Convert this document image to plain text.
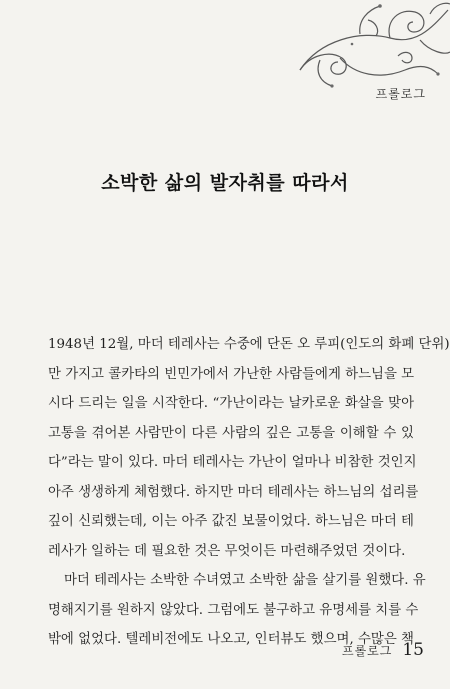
프롤로그
소박한 삶의 발자취를 따라서
1948년 12월, 마더 테레사는 수중에 단돈 오 루피(인도의 화폐 단위)
만 가지고 콜카타의 빈민가에서 가난한 사람들에게 하느님을 모
시다 드리는 일을 시작한다. “가난이라는 날카로운 화살을 맞아
고통을 겪어본 사람만이 다른 사람의 깊은 고통을 이해할 수 있
다”라는 말이 있다. 마더 테레사는 가난이 얼마나 비참한 것인지
아주 생생하게 체험했다. 하지만 마더 테레사는 하느님의 섭리를
깊이 신뢰했는데, 이는 아주 값진 보물이었다. 하느님은 마더 테
레사가 일하는 데 필요한 것은 무엇이든 마련해주었던 것이다.
마더 테레사는 소박한 수녀였고 소박한 삶을 살기를 원했다. 유
명해지기를 원하지 않았다. 그럼에도 불구하고 유명세를 치를 수
밖에 없었다. 텔레비전에도 나오고, 인터뷰도 했으며, 수많은 책
프롤로그 15
